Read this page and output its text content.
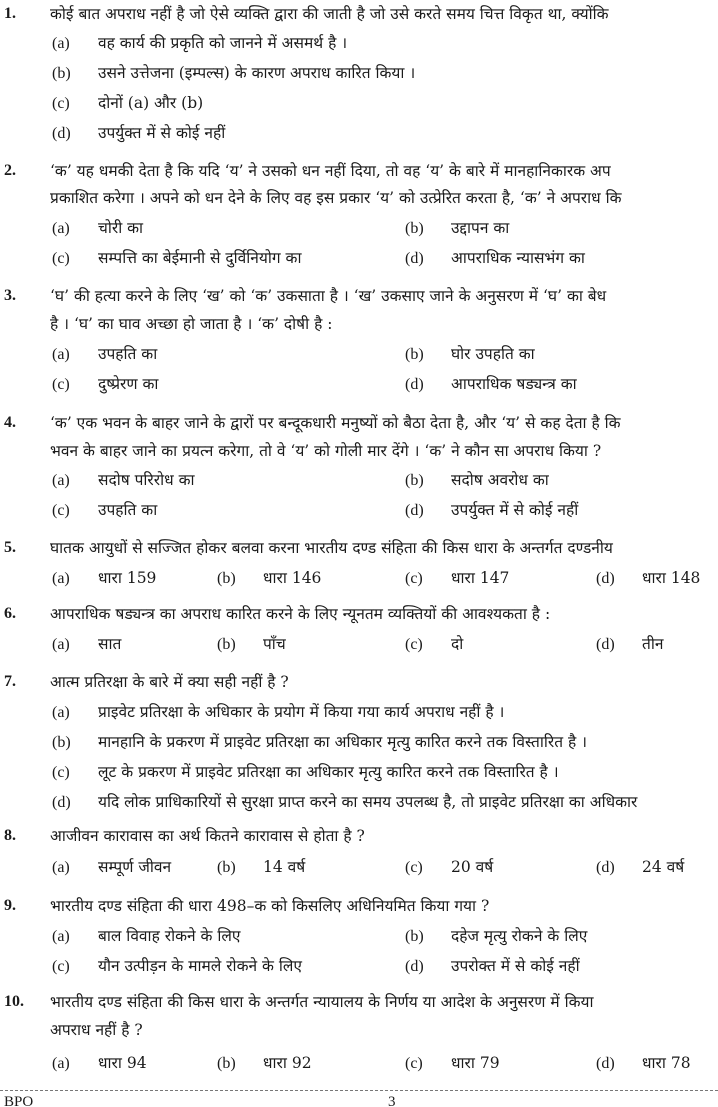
1. कोई बात अपराध नहीं है जो ऐसे व्यक्ति द्वारा की जाती है जो उसे करते समय चित्त विकृत था, क्योंकि
(a) वह कार्य की प्रकृति को जानने में असमर्थ है ।
(b) उसने उत्तेजना (इम्पल्स) के कारण अपराध कारित किया ।
(c) दोनों (a) और (b)
(d) उपर्युक्त में से कोई नहीं
2. ‘क’ यह धमकी देता है कि यदि ‘य’ ने उसको धन नहीं दिया, तो वह ‘य’ के बारे में मानहानिकारक अप
प्रकाशित करेगा । अपने को धन देने के लिए वह इस प्रकार ‘य’ को उत्प्रेरित करता है, ‘क’ ने अपराध कि
(a) चोरी का	(b) उद्दापन का
(c) सम्पत्ति का बेईमानी से दुर्विनियोग का	(d) आपराधिक न्यासभंग का
3. ‘घ’ की हत्या करने के लिए ‘ख’ को ‘क’ उकसाता है । ‘ख’ उकसाए जाने के अनुसरण में ‘घ’ का बेध
है । ‘घ’ का घाव अच्छा हो जाता है । ‘क’ दोषी है :
(a) उपहति का	(b) घोर उपहति का
(c) दुष्प्रेरण का	(d) आपराधिक षड्यन्त्र का
4. ‘क’ एक भवन के बाहर जाने के द्वारों पर बन्दूकधारी मनुष्यों को बैठा देता है, और ‘य’ से कह देता है कि
भवन के बाहर जाने का प्रयत्न करेगा, तो वे ‘य’ को गोली मार देंगे । ‘क’ ने कौन सा अपराध किया ?
(a) सदोष परिरोध का	(b) सदोष अवरोध का
(c) उपहति का	(d) उपर्युक्त में से कोई नहीं
5. घातक आयुधों से सज्जित होकर बलवा करना भारतीय दण्ड संहिता की किस धारा के अन्तर्गत दण्डनीय
(a) धारा 159	(b) धारा 146	(c) धारा 147	(d) धारा 148
6. आपराधिक षड्यन्त्र का अपराध कारित करने के लिए न्यूनतम व्यक्तियों की आवश्यकता है :
(a) सात	(b) पाँच	(c) दो	(d) तीन
7. आत्म प्रतिरक्षा के बारे में क्या सही नहीं है ?
(a) प्राइवेट प्रतिरक्षा के अधिकार के प्रयोग में किया गया कार्य अपराध नहीं है ।
(b) मानहानि के प्रकरण में प्राइवेट प्रतिरक्षा का अधिकार मृत्यु कारित करने तक विस्तारित है ।
(c) लूट के प्रकरण में प्राइवेट प्रतिरक्षा का अधिकार मृत्यु कारित करने तक विस्तारित है ।
(d) यदि लोक प्राधिकारियों से सुरक्षा प्राप्त करने का समय उपलब्ध है, तो प्राइवेट प्रतिरक्षा का अधिकार
8. आजीवन कारावास का अर्थ कितने कारावास से होता है ?
(a) सम्पूर्ण जीवन	(b) 14 वर्ष	(c) 20 वर्ष	(d) 24 वर्ष
9. भारतीय दण्ड संहिता की धारा 498–क को किसलिए अधिनियमित किया गया ?
(a) बाल विवाह रोकने के लिए	(b) दहेज मृत्यु रोकने के लिए
(c) यौन उत्पीड़न के मामले रोकने के लिए	(d) उपरोक्त में से कोई नहीं
10. भारतीय दण्ड संहिता की किस धारा के अन्तर्गत न्यायालय के निर्णय या आदेश के अनुसरण में किया
अपराध नहीं है ?
(a) धारा 94	(b) धारा 92	(c) धारा 79	(d) धारा 78
BPO	3
